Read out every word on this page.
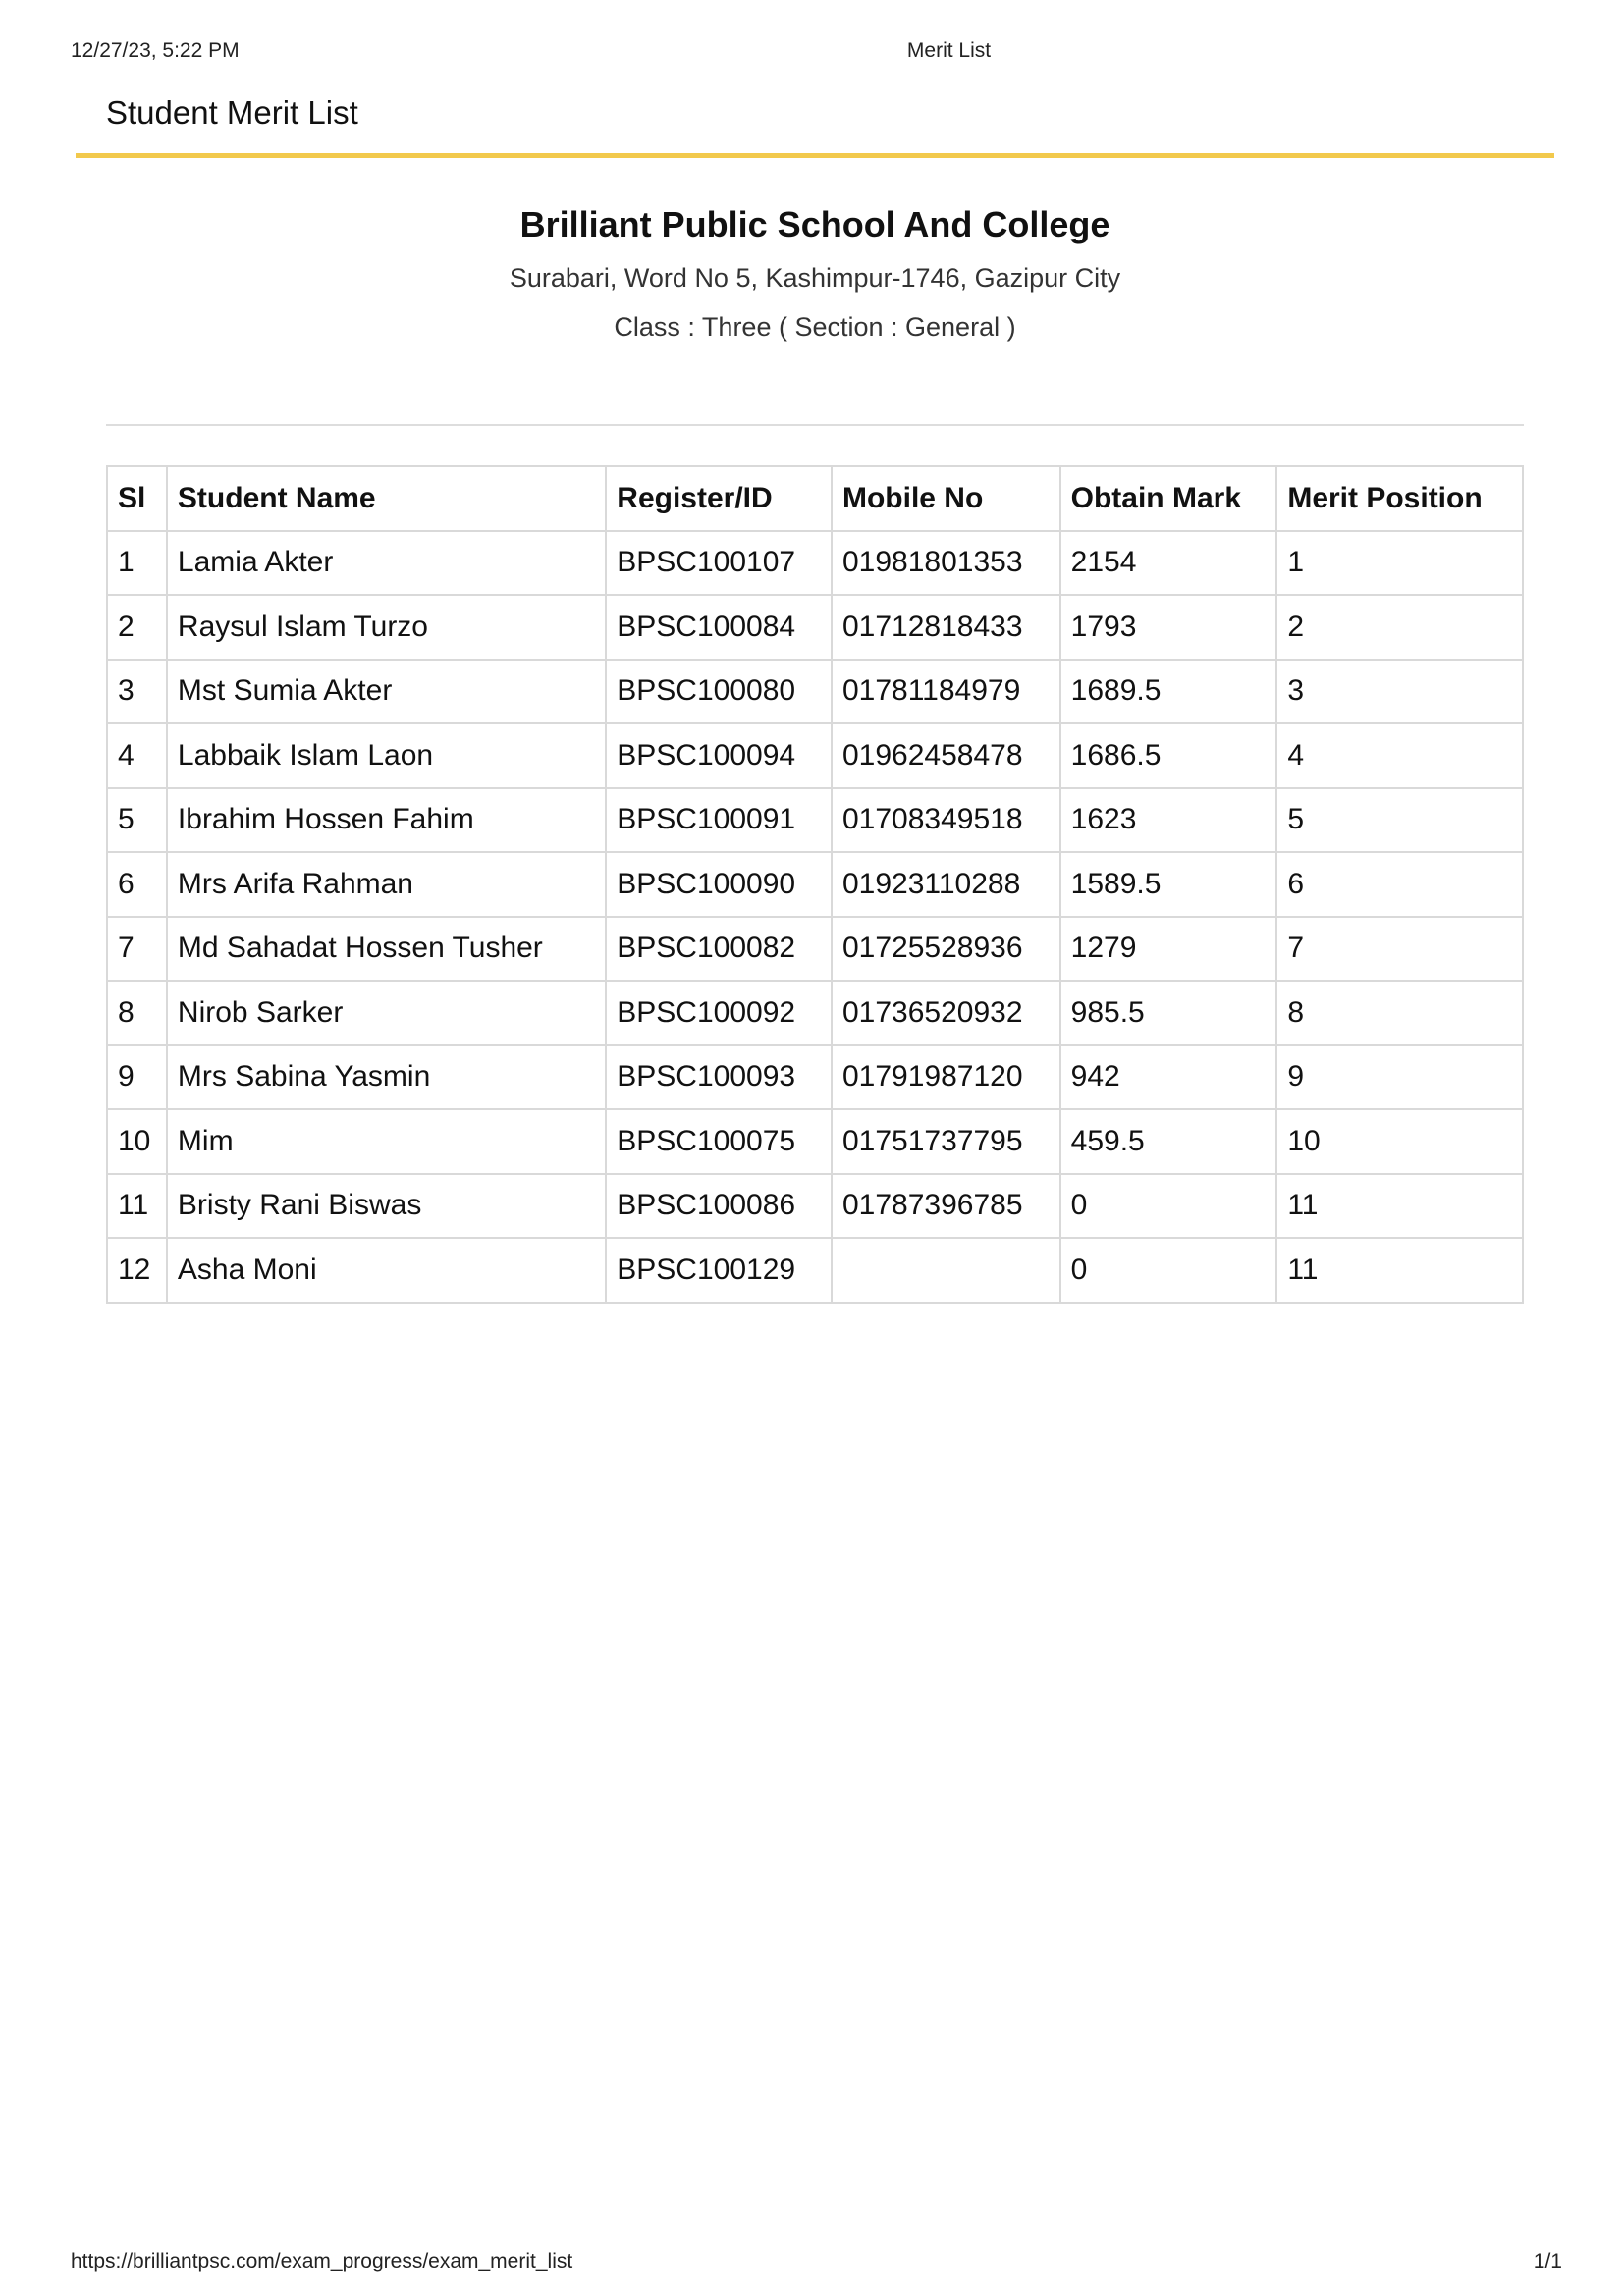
12/27/23, 5:22 PM	Merit List
Student Merit List
Brilliant Public School And College
Surabari, Word No 5, Kashimpur-1746, Gazipur City
Class : Three ( Section : General )
Sl	Student Name	Register/ID	Mobile No	Obtain Mark	Merit Position
1	Lamia Akter	BPSC100107	01981801353	2154	1
2	Raysul Islam Turzo	BPSC100084	01712818433	1793	2
3	Mst Sumia Akter	BPSC100080	01781184979	1689.5	3
4	Labbaik Islam Laon	BPSC100094	01962458478	1686.5	4
5	Ibrahim Hossen Fahim	BPSC100091	01708349518	1623	5
6	Mrs Arifa Rahman	BPSC100090	01923110288	1589.5	6
7	Md Sahadat Hossen Tusher	BPSC100082	01725528936	1279	7
8	Nirob Sarker	BPSC100092	01736520932	985.5	8
9	Mrs Sabina Yasmin	BPSC100093	01791987120	942	9
10	Mim	BPSC100075	01751737795	459.5	10
11	Bristy Rani Biswas	BPSC100086	01787396785	0	11
12	Asha Moni	BPSC100129		0	11
https://brilliantpsc.com/exam_progress/exam_merit_list	1/1
